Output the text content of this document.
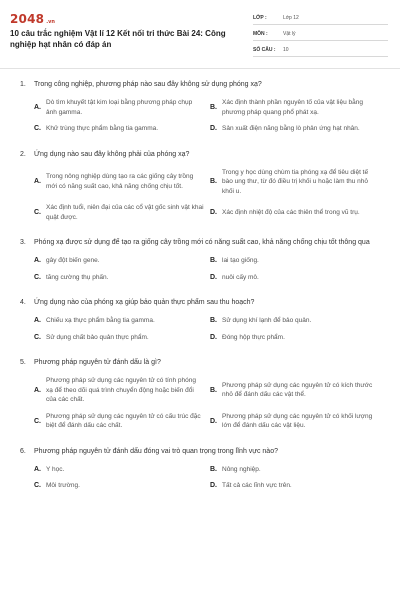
2048 .vn
10 câu trắc nghiệm Vật lí 12 Kết nối tri thức Bài 24: Công nghiệp hạt nhân có đáp án
LỚP :	Lớp 12
MÔN :	Vật lý
SỐ CÂU :	10
1.	Trong công nghiệp, phương pháp nào sau đây không sử dụng phóng xạ?
A.
Dò tìm khuyết tật kim loại bằng phương pháp chụp ảnh gamma.
B.
Xác định thành phần nguyên tố của vật liệu bằng phương pháp quang phổ phát xạ.
C. Khử trùng thực phẩm bằng tia gamma.	D. Sản xuất điện năng bằng lò phản ứng hạt nhân.
2.	Ứng dụng nào sau đây không phải của phóng xạ?
A.
Trong nông nghiệp dùng tạo ra các giống cây trồng mới có năng suất cao, khả năng chống chịu tốt.
B.
Trong y học dùng chùm tia phóng xạ để tiêu diệt tế bào ung thư, từ đó điều trị khối u hoặc làm thu nhỏ khối u.
C.
Xác định tuổi, niên đại của các cổ vật gốc sinh vật khai quật được.
D. Xác định nhiệt độ của các thiên thể trong vũ trụ.
3.	Phóng xạ được sử dụng để tạo ra giống cây trồng mới có năng suất cao, khả năng chống chịu tốt thông qua
A. gây đột biến gene.	B. lai tạo giống.
C. tăng cường thụ phấn.	D. nuôi cấy mô.
4.	Ứng dụng nào của phóng xạ giúp bảo quản thực phẩm sau thu hoạch?
A. Chiếu xạ thực phẩm bằng tia gamma.	B. Sử dụng khí lạnh để bảo quản.
C. Sử dụng chất bảo quản thực phẩm.	D. Đóng hộp thực phẩm.
5.	Phương pháp nguyên tử đánh dấu là gì?
A.
Phương pháp sử dụng các nguyên tử có tính phóng xạ để theo dõi quá trình chuyển động hoặc biến đổi của các chất.
B.
Phương pháp sử dụng các nguyên tử có kích thước nhỏ để đánh dấu các vật thể.
C.
Phương pháp sử dụng các nguyên tử có cấu trúc đặc biệt để đánh dấu các chất.
D.
Phương pháp sử dụng các nguyên tử có khối lượng lớn để đánh dấu các vật liệu.
6.	Phương pháp nguyên tử đánh dấu đóng vai trò quan trọng trong lĩnh vực nào?
A. Y học.	B. Nông nghiệp.
C. Môi trường.	D. Tất cả các lĩnh vực trên.
